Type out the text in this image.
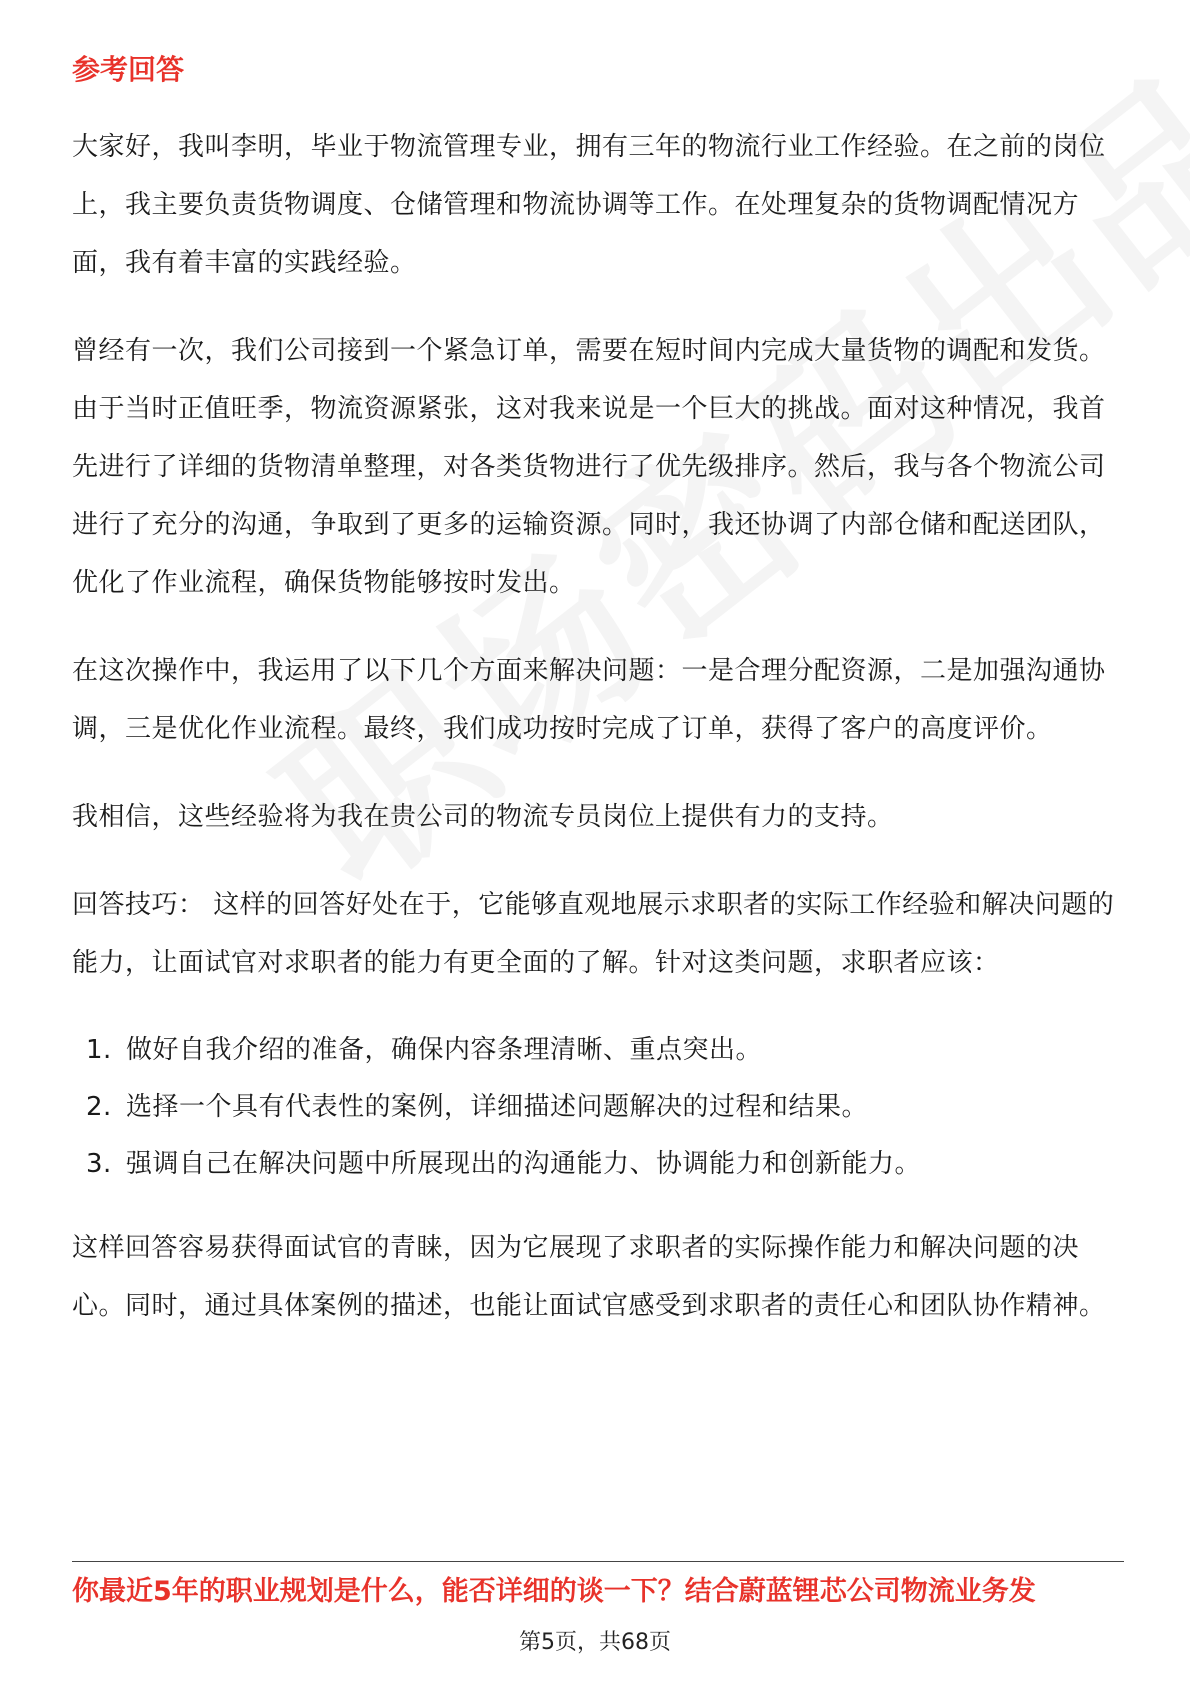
参考回答

大家好，我叫李明，毕业于物流管理专业，拥有三年的物流行业工作经验。在之前的岗位上，我主要负责货物调度、仓储管理和物流协调等工作。在处理复杂的货物调配情况方面，我有着丰富的实践经验。

曾经有一次，我们公司接到一个紧急订单，需要在短时间内完成大量货物的调配和发货。由于当时正值旺季，物流资源紧张，这对我来说是一个巨大的挑战。面对这种情况，我首先进行了详细的货物清单整理，对各类货物进行了优先级排序。然后，我与各个物流公司进行了充分的沟通，争取到了更多的运输资源。同时，我还协调了内部仓储和配送团队，优化了作业流程，确保货物能够按时发出。

在这次操作中，我运用了以下几个方面来解决问题：一是合理分配资源，二是加强沟通协调，三是优化作业流程。最终，我们成功按时完成了订单，获得了客户的高度评价。

我相信，这些经验将为我在贵公司的物流专员岗位上提供有力的支持。

回答技巧： 这样的回答好处在于，它能够直观地展示求职者的实际工作经验和解决问题的能力，让面试官对求职者的能力有更全面的了解。针对这类问题，求职者应该：

1. 做好自我介绍的准备，确保内容条理清晰、重点突出。
2. 选择一个具有代表性的案例，详细描述问题解决的过程和结果。
3. 强调自己在解决问题中所展现出的沟通能力、协调能力和创新能力。

这样回答容易获得面试官的青睐，因为它展现了求职者的实际操作能力和解决问题的决心。同时，通过具体案例的描述，也能让面试官感受到求职者的责任心和团队协作精神。

你最近5年的职业规划是什么，能否详细的谈一下？结合蔚蓝锂芯公司物流业务发
第5页，共68页
